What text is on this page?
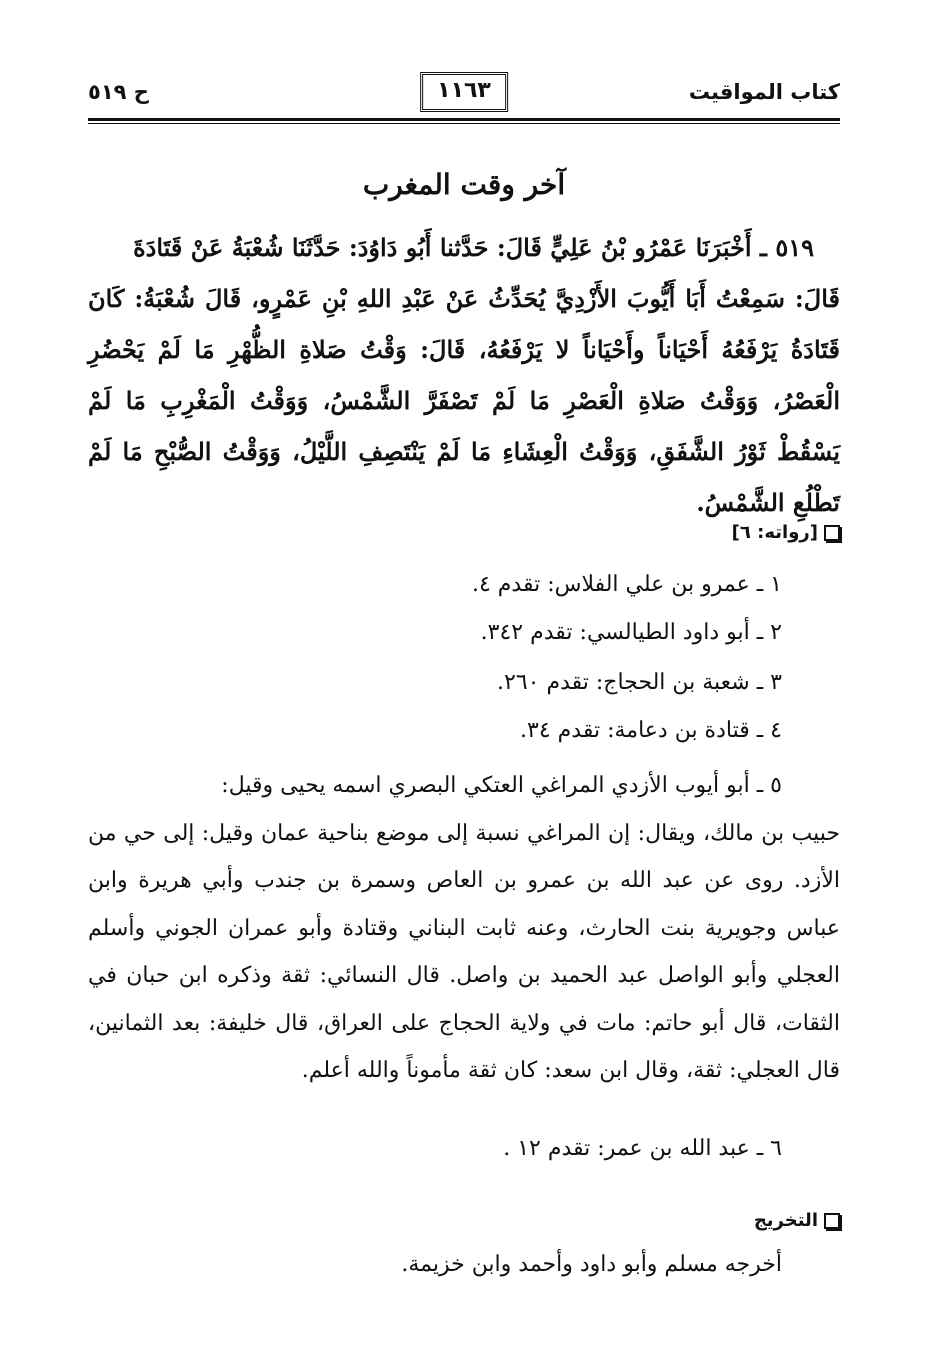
كتاب المواقيت
١١٦٣
ح ٥١٩
آخر وقت المغرب
٥١٩ ـ أَخْبَرَنَا عَمْرُو بْنُ عَلِيٍّ قَالَ: حَدَّثنا أَبُو دَاوُدَ: حَدَّثَنَا شُعْبَةُ عَنْ قَتَادَةَ
قَالَ: سَمِعْتُ أَبَا أَيُّوبَ الأَزْدِيَّ يُحَدِّثُ عَنْ عَبْدِ اللهِ بْنِ عَمْرٍو، قَالَ شُعْبَةُ: كَانَ قَتَادَةُ يَرْفَعُهُ أَحْيَاناً وأَحْيَاناً لا يَرْفَعُهُ، قَالَ: وَقْتُ صَلاةِ الظُّهْرِ مَا لَمْ يَحْضُرِ الْعَصْرُ، وَوَقْتُ صَلاةِ الْعَصْرِ مَا لَمْ تَصْفَرَّ الشَّمْسُ، وَوَقْتُ الْمَغْرِبِ مَا لَمْ يَسْقُطْ ثَوْرُ الشَّفَقِ، وَوَقْتُ الْعِشَاءِ مَا لَمْ يَنْتَصِفِ اللَّيْلُ، وَوَقْتُ الصُّبْحِ مَا لَمْ تَطْلُعِ الشَّمْسُ.
[رواته: ٦]
١ ـ عمرو بن علي الفلاس: تقدم ٤.
٢ ـ أبو داود الطيالسي: تقدم ٣٤٢.
٣ ـ شعبة بن الحجاج: تقدم ٢٦٠.
٤ ـ قتادة بن دعامة: تقدم ٣٤.
٥ ـ أبو أيوب الأزدي المراغي العتكي البصري اسمه يحيى وقيل:
حبيب بن مالك، ويقال: إن المراغي نسبة إلى موضع بناحية عمان وقيل: إلى حي من الأزد. روى عن عبد الله بن عمرو بن العاص وسمرة بن جندب وأبي هريرة وابن عباس وجويرية بنت الحارث، وعنه ثابت البناني وقتادة وأبو عمران الجوني وأسلم العجلي وأبو الواصل عبد الحميد بن واصل. قال النسائي: ثقة وذكره ابن حبان في الثقات، قال أبو حاتم: مات في ولاية الحجاج على العراق، قال خليفة: بعد الثمانين، قال العجلي: ثقة، وقال ابن سعد: كان ثقة مأموناً والله أعلم.
٦ ـ عبد الله بن عمر: تقدم ١٢ .
التخريج
أخرجه مسلم وأبو داود وأحمد وابن خزيمة.
